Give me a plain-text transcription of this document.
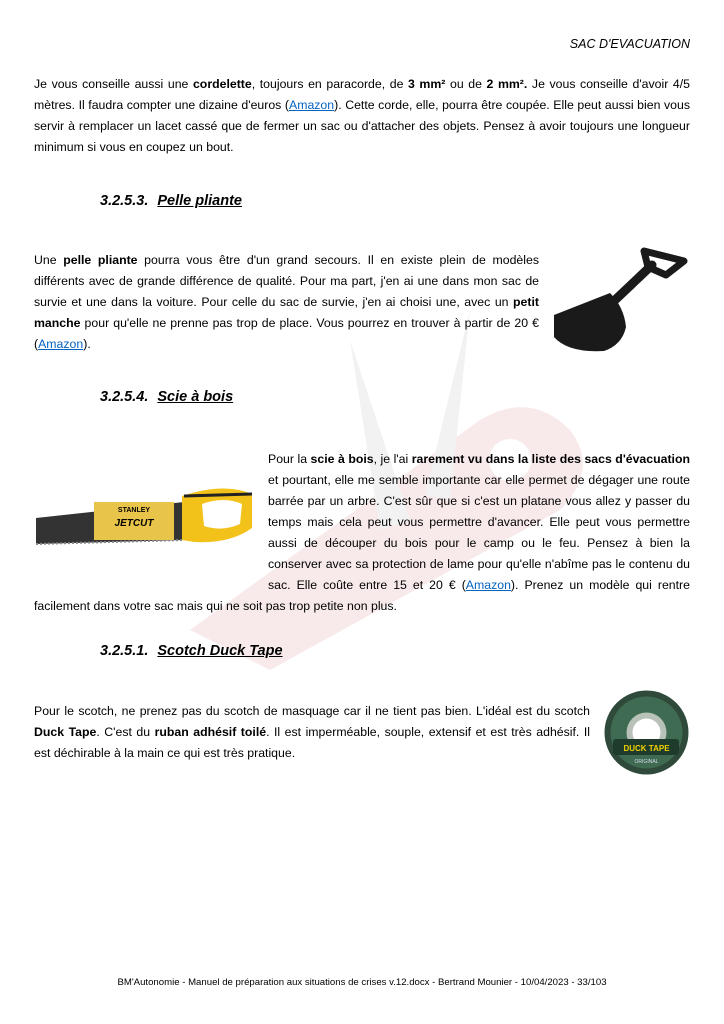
SAC D'EVACUATION

Je vous conseille aussi une cordelette, toujours en paracorde, de 3 mm² ou de 2 mm². Je vous conseille d'avoir 4/5 mètres. Il faudra compter une dizaine d'euros (Amazon). Cette corde, elle, pourra être coupée. Elle peut aussi bien vous servir à remplacer un lacet cassé que de fermer un sac ou d'attacher des objets. Pensez à avoir toujours une longueur minimum si vous en coupez un bout.

3.2.5.3. Pelle pliante

Une pelle pliante pourra vous être d'un grand secours. Il en existe plein de modèles différents avec de grande différence de qualité. Pour ma part, j'en ai une dans mon sac de survie et une dans la voiture. Pour celle du sac de survie, j'en ai choisi une, avec un petit manche pour qu'elle ne prenne pas trop de place. Vous pourrez en trouver à partir de 20 € (Amazon).

3.2.5.4. Scie à bois
STANLEY
JETCUT

Pour la scie à bois, je l'ai rarement vu dans la liste des sacs d'évacuation et pourtant, elle me semble importante car elle permet de dégager une route barrée par un arbre. C'est sûr que si c'est un platane vous allez y passer du temps mais cela peut vous permettre d'avancer. Elle peut vous permettre aussi de découper du bois pour le camp ou le feu. Pensez à bien la conserver avec sa protection de lame pour qu'elle n'abîme pas le contenu du sac. Elle coûte entre 15 et 20 € (Amazon). Prenez un modèle qui rentre facilement dans votre sac mais qui ne soit pas trop petite non plus.

3.2.5.1. Scotch Duck Tape

Pour le scotch, ne prenez pas du scotch de masquage car il ne tient pas bien. L'idéal est du scotch Duck Tape. C'est du ruban adhésif toilé. Il est imperméable, souple, extensif et est très adhésif. Il est déchirable à la main ce qui est très pratique.	DUCK TAPE
ORIGINAL
BM'Autonomie - Manuel de préparation aux situations de crises v.12.docx - Bertrand Mounier - 10/04/2023 - 33/103
